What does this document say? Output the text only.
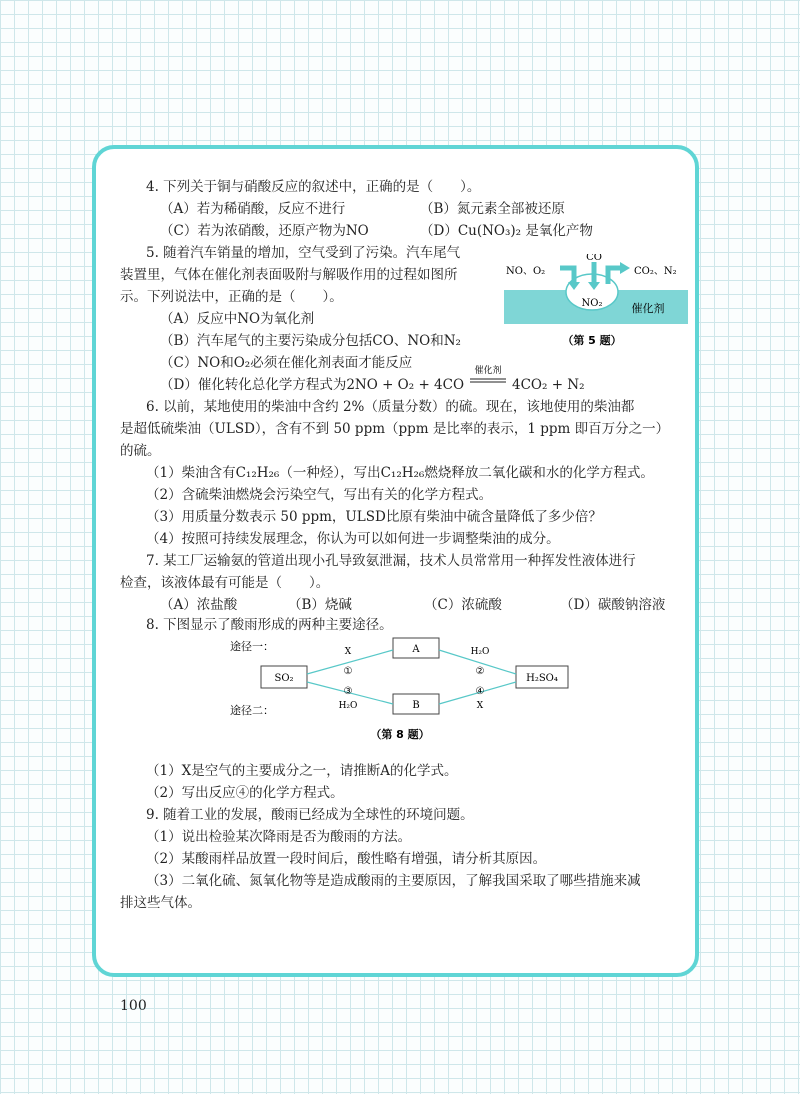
4. 下列关于铜与硝酸反应的叙述中，正确的是（　　）。
（A）若为稀硝酸，反应不进行	（B）氮元素全部被还原
（C）若为浓硝酸，还原产物为NO	（D）Cu(NO₃)₂ 是氧化产物
5. 随着汽车销量的增加，空气受到了污染。汽车尾气
装置里，气体在催化剂表面吸附与解吸作用的过程如图所
示。下列说法中，正确的是（　　）。
（A）反应中NO为氧化剂
（B）汽车尾气的主要污染成分包括CO、NO和N₂
（C）NO和O₂必须在催化剂表面才能反应
（D）催化转化总化学方程式为2NO + O₂ + 4CO
催化剂
4CO₂ + N₂
CO
NO、O₂	CO₂、N₂
NO₂	催化剂
（第 5 题）
6. 以前，某地使用的柴油中含约 2%（质量分数）的硫。现在，该地使用的柴油都
是超低硫柴油（ULSD），含有不到 50 ppm（ppm 是比率的表示，1 ppm 即百万分之一）
的硫。
（1）柴油含有C₁₂H₂₆（一种烃），写出C₁₂H₂₆燃烧释放二氧化碳和水的化学方程式。
（2）含硫柴油燃烧会污染空气，写出有关的化学方程式。
（3）用质量分数表示 50 ppm，ULSD比原有柴油中硫含量降低了多少倍？
（4）按照可持续发展理念，你认为可以如何进一步调整柴油的成分。
7. 某工厂运输氨的管道出现小孔导致氨泄漏，技术人员常常用一种挥发性液体进行
检查，该液体最有可能是（　　）。
（A）浓盐酸	（B）烧碱	（C）浓硫酸	（D）碳酸钠溶液
8. 下图显示了酸雨形成的两种主要途径。
途径一：
途径二：
SO₂
A
B
H₂SO₄
X
①
H₂O
②
③
H₂O
④
X
（第 8 题）
（1）X是空气的主要成分之一，请推断A的化学式。
（2）写出反应④的化学方程式。
9. 随着工业的发展，酸雨已经成为全球性的环境问题。
（1）说出检验某次降雨是否为酸雨的方法。
（2）某酸雨样品放置一段时间后，酸性略有增强，请分析其原因。
（3）二氧化硫、氮氧化物等是造成酸雨的主要原因，了解我国采取了哪些措施来减
排这些气体。
100
